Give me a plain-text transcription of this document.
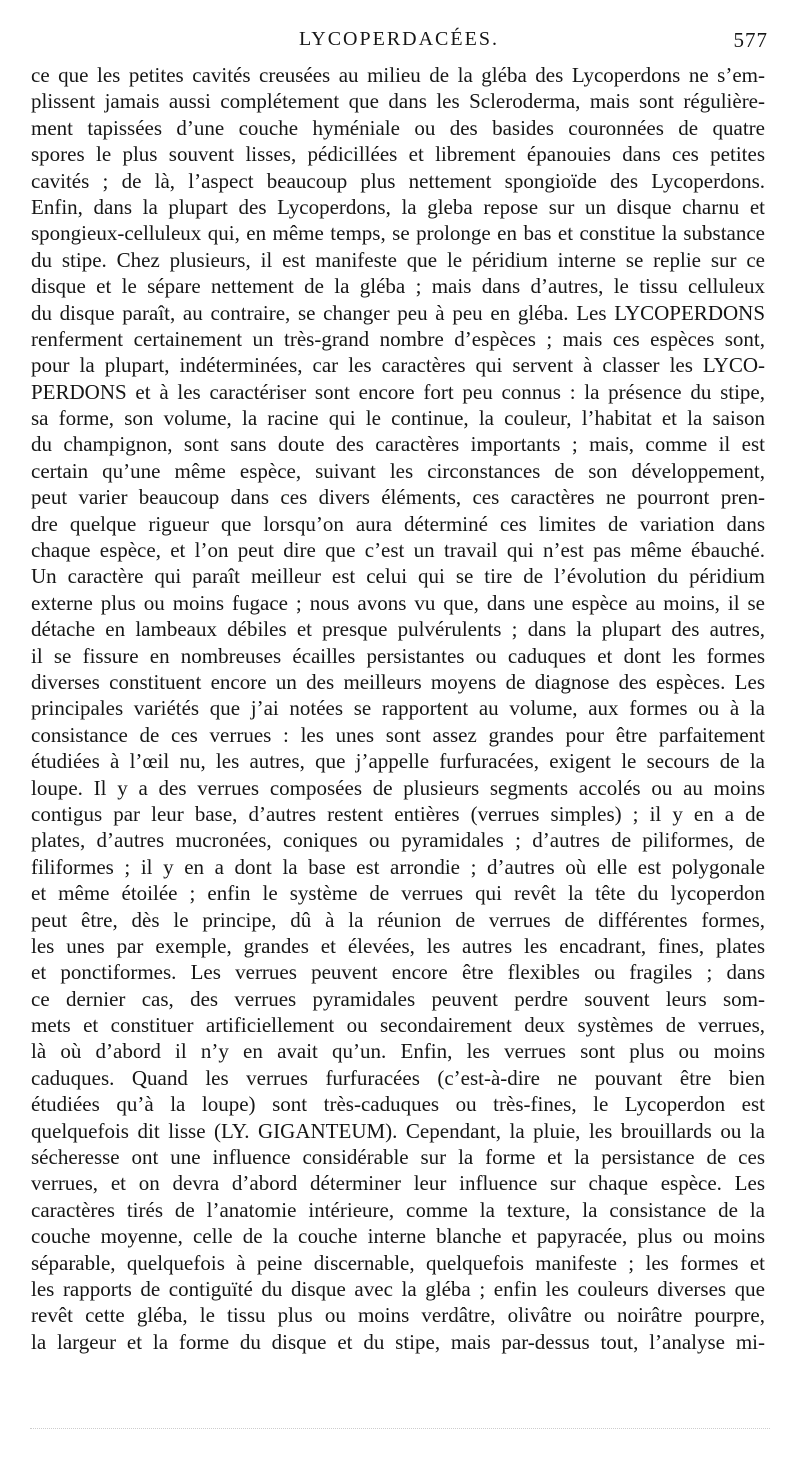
LYCOPERDACÉES.	577
ce que les petites cavités creusées au milieu de la gléba des Lycoperdons ne s’em-
plissent jamais aussi complétement que dans les Scleroderma, mais sont régulière-
ment tapissées d’une couche hyméniale ou des basides couronnées de quatre
spores le plus souvent lisses, pédicillées et librement épanouies dans ces petites
cavités ; de là, l’aspect beaucoup plus nettement spongioïde des Lycoperdons.
Enfin, dans la plupart des Lycoperdons, la gleba repose sur un disque charnu et
spongieux-celluleux qui, en même temps, se prolonge en bas et constitue la substance
du stipe. Chez plusieurs, il est manifeste que le péridium interne se replie sur ce
disque et le sépare nettement de la gléba ; mais dans d’autres, le tissu celluleux
du disque paraît, au contraire, se changer peu à peu en gléba. Les LYCOPERDONS
renferment certainement un très-grand nombre d’espèces ; mais ces espèces sont,
pour la plupart, indéterminées, car les caractères qui servent à classer les LYCO-
PERDONS et à les caractériser sont encore fort peu connus : la présence du stipe,
sa forme, son volume, la racine qui le continue, la couleur, l’habitat et la saison
du champignon, sont sans doute des caractères importants ; mais, comme il est
certain qu’une même espèce, suivant les circonstances de son développement,
peut varier beaucoup dans ces divers éléments, ces caractères ne pourront pren-
dre quelque rigueur que lorsqu’on aura déterminé ces limites de variation dans
chaque espèce, et l’on peut dire que c’est un travail qui n’est pas même ébauché.
Un caractère qui paraît meilleur est celui qui se tire de l’évolution du péridium
externe plus ou moins fugace ; nous avons vu que, dans une espèce au moins, il se
détache en lambeaux débiles et presque pulvérulents ; dans la plupart des autres,
il se fissure en nombreuses écailles persistantes ou caduques et dont les formes
diverses constituent encore un des meilleurs moyens de diagnose des espèces. Les
principales variétés que j’ai notées se rapportent au volume, aux formes ou à la
consistance de ces verrues : les unes sont assez grandes pour être parfaitement
étudiées à l’œil nu, les autres, que j’appelle furfuracées, exigent le secours de la
loupe. Il y a des verrues composées de plusieurs segments accolés ou au moins
contigus par leur base, d’autres restent entières (verrues simples) ; il y en a de
plates, d’autres mucronées, coniques ou pyramidales ; d’autres de piliformes, de
filiformes ; il y en a dont la base est arrondie ; d’autres où elle est polygonale
et même étoilée ; enfin le système de verrues qui revêt la tête du lycoperdon
peut être, dès le principe, dû à la réunion de verrues de différentes formes,
les unes par exemple, grandes et élevées, les autres les encadrant, fines, plates
et ponctiformes. Les verrues peuvent encore être flexibles ou fragiles ; dans
ce dernier cas, des verrues pyramidales peuvent perdre souvent leurs som-
mets et constituer artificiellement ou secondairement deux systèmes de verrues,
là où d’abord il n’y en avait qu’un. Enfin, les verrues sont plus ou moins
caduques. Quand les verrues furfuracées (c’est-à-dire ne pouvant être bien
étudiées qu’à la loupe) sont très-caduques ou très-fines, le Lycoperdon est
quelquefois dit lisse (LY. GIGANTEUM). Cependant, la pluie, les brouillards ou la
sécheresse ont une influence considérable sur la forme et la persistance de ces
verrues, et on devra d’abord déterminer leur influence sur chaque espèce. Les
caractères tirés de l’anatomie intérieure, comme la texture, la consistance de la
couche moyenne, celle de la couche interne blanche et papyracée, plus ou moins
séparable, quelquefois à peine discernable, quelquefois manifeste ; les formes et
les rapports de contiguïté du disque avec la gléba ; enfin les couleurs diverses que
revêt cette gléba, le tissu plus ou moins verdâtre, olivâtre ou noirâtre pourpre,
la largeur et la forme du disque et du stipe, mais par-dessus tout, l’analyse mi-
